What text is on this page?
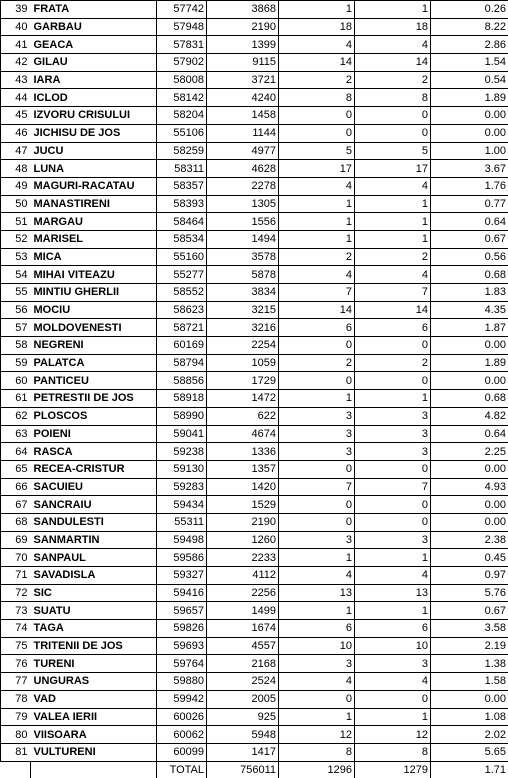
39	FRATA	57742	3868	1	1	0.26
40	GARBAU	57948	2190	18	18	8.22
41	GEACA	57831	1399	4	4	2.86
42	GILAU	57902	9115	14	14	1.54
43	IARA	58008	3721	2	2	0.54
44	ICLOD	58142	4240	8	8	1.89
45	IZVORU CRISULUI	58204	1458	0	0	0.00
46	JICHISU DE JOS	55106	1144	0	0	0.00
47	JUCU	58259	4977	5	5	1.00
48	LUNA	58311	4628	17	17	3.67
49	MAGURI-RACATAU	58357	2278	4	4	1.76
50	MANASTIRENI	58393	1305	1	1	0.77
51	MARGAU	58464	1556	1	1	0.64
52	MARISEL	58534	1494	1	1	0.67
53	MICA	55160	3578	2	2	0.56
54	MIHAI VITEAZU	55277	5878	4	4	0.68
55	MINTIU GHERLII	58552	3834	7	7	1.83
56	MOCIU	58623	3215	14	14	4.35
57	MOLDOVENESTI	58721	3216	6	6	1.87
58	NEGRENI	60169	2254	0	0	0.00
59	PALATCA	58794	1059	2	2	1.89
60	PANTICEU	58856	1729	0	0	0.00
61	PETRESTII DE JOS	58918	1472	1	1	0.68
62	PLOSCOS	58990	622	3	3	4.82
63	POIENI	59041	4674	3	3	0.64
64	RASCA	59238	1336	3	3	2.25
65	RECEA-CRISTUR	59130	1357	0	0	0.00
66	SACUIEU	59283	1420	7	7	4.93
67	SANCRAIU	59434	1529	0	0	0.00
68	SANDULESTI	55311	2190	0	0	0.00
69	SANMARTIN	59498	1260	3	3	2.38
70	SANPAUL	59586	2233	1	1	0.45
71	SAVADISLA	59327	4112	4	4	0.97
72	SIC	59416	2256	13	13	5.76
73	SUATU	59657	1499	1	1	0.67
74	TAGA	59826	1674	6	6	3.58
75	TRITENII DE JOS	59693	4557	10	10	2.19
76	TURENI	59764	2168	3	3	1.38
77	UNGURAS	59880	2524	4	4	1.58
78	VAD	59942	2005	0	0	0.00
79	VALEA IERII	60026	925	1	1	1.08
80	VIISOARA	60062	5948	12	12	2.02
81	VULTURENI	60099	1417	8	8	5.65
		TOTAL	756011	1296	1279	1.71
